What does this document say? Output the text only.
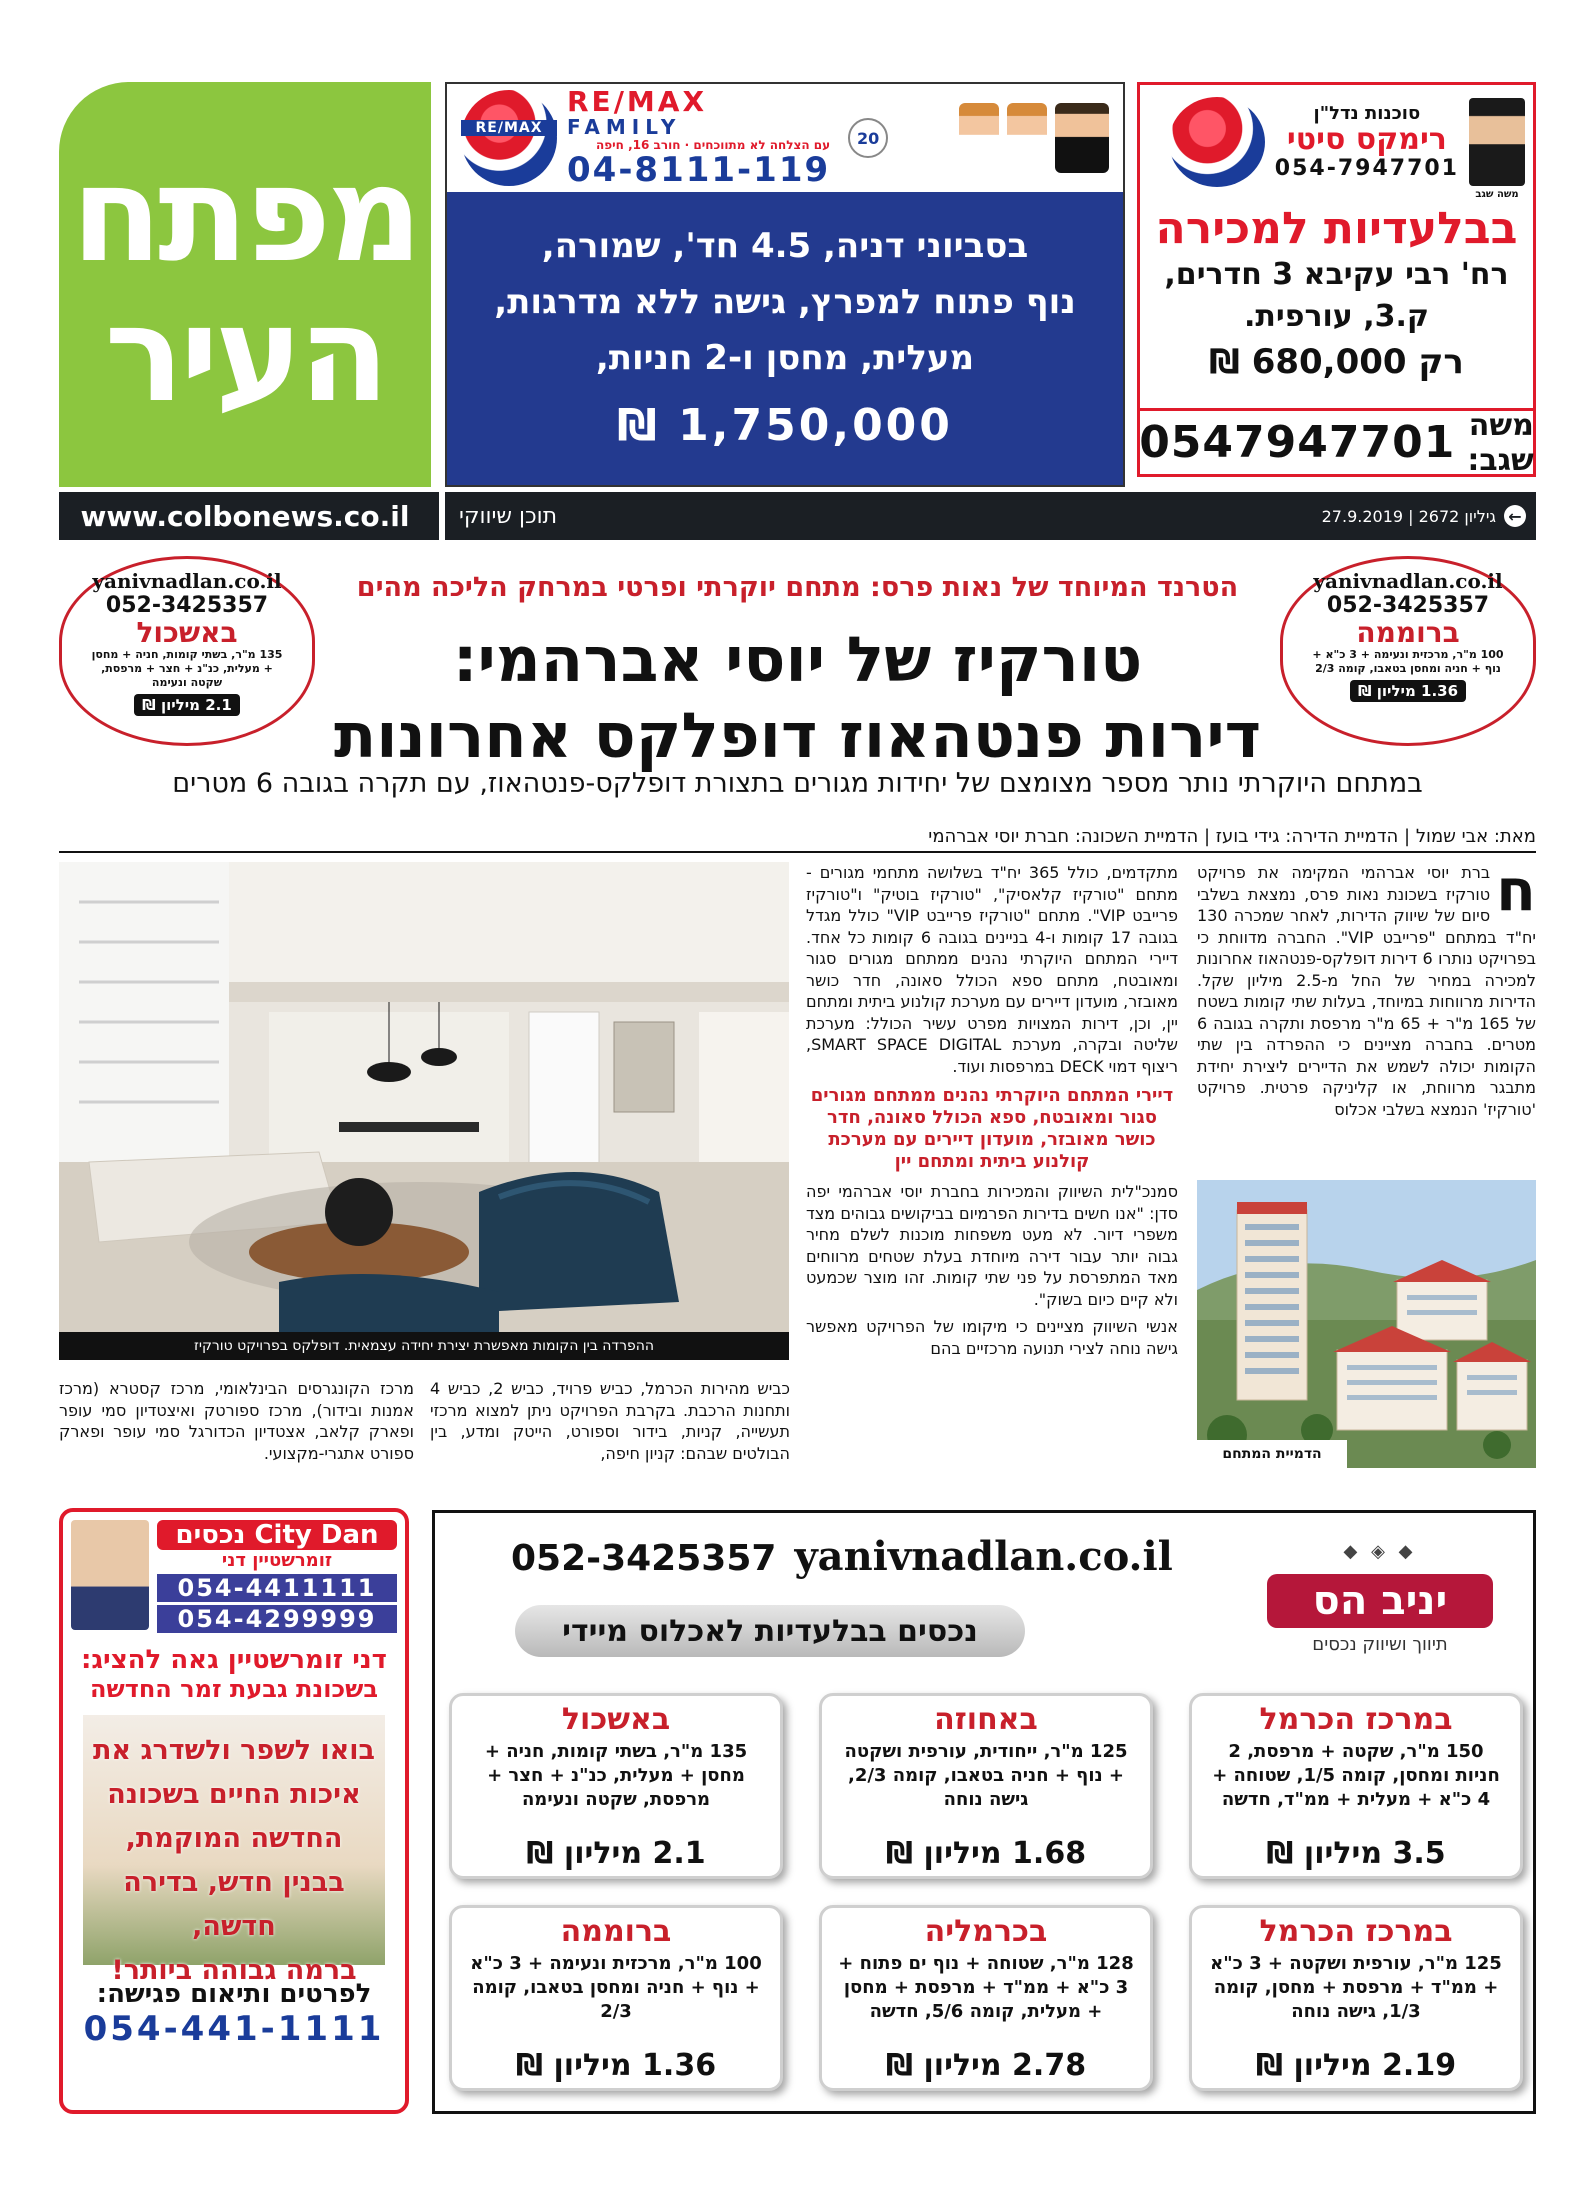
מפתח
העיר
RE/MAX
RE/MAX
FAMILY
עם הצלחה לא מתווכחים · חורב 16, חיפה
04-8111-119
20
בסביוני דניה, 4.5 חד', שמורה,
נוף פתוח למפרץ, גישה ללא מדרגות,
מעלית, מחסן ו-2 חניות,
1,750,000 ₪
סוכנות נדל"ן
רימקס סיטי
054-7947701
משה שגב
בבלעדיות למכירה
רח' רבי עקיבא 3 חדרים,
ק.3, עורפית.
רק 680,000 ₪
משה שגב:
0547947701
www.colbonews.co.il	תוכן שיווקי	←
גיליון 2672 | 27.9.2019
yanivnadlan.co.il
052-3425357
ברוממה
100 מ"ר, מרכזית ונעימה + 3 כ"א + נוף + חניה ומחסן בטאבו, קומה 2/3
1.36 מיליון ₪
yanivnadlan.co.il
052-3425357
באשכול
135 מ"ר, בשתי קומות, חניה + מחסן + מעלית, כנ"נ + חצר + מרפסת, שקטה ונעימה
2.1 מיליון ₪
הטרנד המיוחד של נאות פרס: מתחם יוקרתי ופרטי במרחק הליכה מהים
טורקיז של יוסי אברהמי:
דירות פנטהאוז דופלקס אחרונות
במתחם היוקרתי נותר מספר מצומצם של יחידות מגורים בתצורת דופלקס-פנטהאוז, עם תקרה בגובה 6 מטרים
מאת: אבי שמול | הדמיית הדירה: גידי בועז | הדמיית השכונה: חברת יוסי אברהמי
ח
ברת יוסי אברהמי המקימה את פרויקט טורקיז בשכונת נאות פרס, נמצאת בשלבי סיום של שיווק הדירות, לאחר שמכרה 130 יח"ד במתחם "פרייבט VIP". החברה מדווחת כי בפרויקט נותרו 6 דירות דופלקס-פנטהאוז אחרונות למכירה במחיר של החל מ-2.5 מיליון שקל. הדירות מרווחות במיוחד, בעלות שתי קומות בשטח של 165 מ"ר + 65 מ"ר מרפסת ותקרה בגובה 6 מטרים. בחברה מציינים כי ההפרדה בין שתי הקומות יכולה לשמש את הדיירים ליצירת יחידת מתבגר מרווחת, או קליניקה פרטית. פרויקט 'טורקיז' הנמצא בשלבי אכלוס
הדמיית המתחם
מתקדמים, כולל 365 יח"ד בשלושה מתחמי מגורים - מתחם "טורקיז קלאסיק", "טורקיז בוטיק" ו"טורקיז פרייבט VIP". מתחם "טורקיז פרייבט VIP" כולל מגדל בגובה 17 קומות ו-4 בניינים בגובה 6 קומות כל אחד. דיירי המתחם היוקרתי נהנים ממתחם מגורים סגור ומאובטח, מתחם ספא הכולל סאונה, חדר כושר מאובזר, מועדון דיירים עם מערכת קולנוע ביתית ומתחם יין, וכן, דירות המצויות מפרט עשיר הכולל: מערכת שליטה ובקרה, מערכת SMART SPACE DIGITAL, ריצוף דמוי DECK במרפסות ועוד.
דיירי המתחם היוקרתי נהנים ממתחם מגורים סגור ומאובטח, ספא הכולל סאונה, חדר כושר מאובזר, מועדון דיירים עם מערכת קולנוע ביתית ומתחם יין
סמנכ"לית השיווק והמכירות בחברת יוסי אברהמי יפה סדן: "אנו חשים בדירות הפרמיום בביקושים גבוהים מצד משפרי דיור. לא מעט משפחות מוכנות לשלם מחיר גבוה יותר עבור דירה מיוחדת בעלת שטחים מרווחים מאד המתפרסת על פני שתי קומות. זהו מוצר שכמעט ולא קיים כיום בשוק".
אנשי השיווק מציינים כי מיקומו של הפרויקט מאפשר גישה נוחה לצירי תנועה מרכזיים בהם
ההפרדה בין הקומות מאפשרת יצירת יחידה עצמאית. דופלקס בפרויקט טורקיז
כביש מהירות הכרמל, כביש פרויד, כביש 2, כביש 4 ותחנות הרכבת. בקרבת הפרויקט ניתן למצוא מרכזי תעשייה, קניות, בידור וספורט, הייטק ומדע, בין הבולטים שבהם: קניון חיפה,
מרכז הקונגרסים הבינלאומי, מרכז קסטרא (מרכז אמנות ובידור), מרכז ספורטק ואיצטדיון סמי עופר ופארק קלאב, אצטדיון הכדורגל סמי עופר ופארק ספורט אתגרי-מקצועי.
City Dan נכסים
זומרשטיין דני
054-4411111
054-4299999
דני זומרשטיין גאה להציג:
בשכונת גבעת זמר החדשה
בואו לשפר ולשדרג את
איכות החיים בשכונה
החדשה המוקמת,
בבנין חדש, בדירה חדשה,
ברמה גבוהה ביותר!
לפרטים ותיאום פגישה:
054-441-1111
052-3425357 yanivnadlan.co.il
נכסים בבלעדיות לאכלוס מיידי
◆ ◈ ◆
יניב הס
תיווך ושיווק נכסים
במרכז הכרמל
150 מ"ר, שקטה + מרפסת, 2 חניות ומחסן, קומה 1/5, שטוחה + 4 כ"א + מעלית + ממ"ד, חדשה
3.5 מיליון ₪
באחוזה
125 מ"ר, ייחודית, עורפית ושקטה + נוף + חניה בטאבו, קומה 2/3, גישה נוחה
1.68 מיליון ₪
באשכול
135 מ"ר, בשתי קומות, חניה + מחסן + מעלית, כנ"נ + חצר + מרפסת, שקטה ונעימה
2.1 מיליון ₪
במרכז הכרמל
125 מ"ר, עורפית ושקטה + 3 כ"א + ממ"ד + מרפסת + מחסן, קומה 1/3, גישה נוחה
2.19 מיליון ₪
בכרמליה
128 מ"ר, שטוחה + נוף ים פתוח + 3 כ"א + ממ"ד + מרפסת + מחסן + מעלית, קומה 5/6, חדשה
2.78 מיליון ₪
ברוממה
100 מ"ר, מרכזית ונעימה + 3 כ"א + נוף + חניה ומחסן בטאבו, קומה 2/3
1.36 מיליון ₪
